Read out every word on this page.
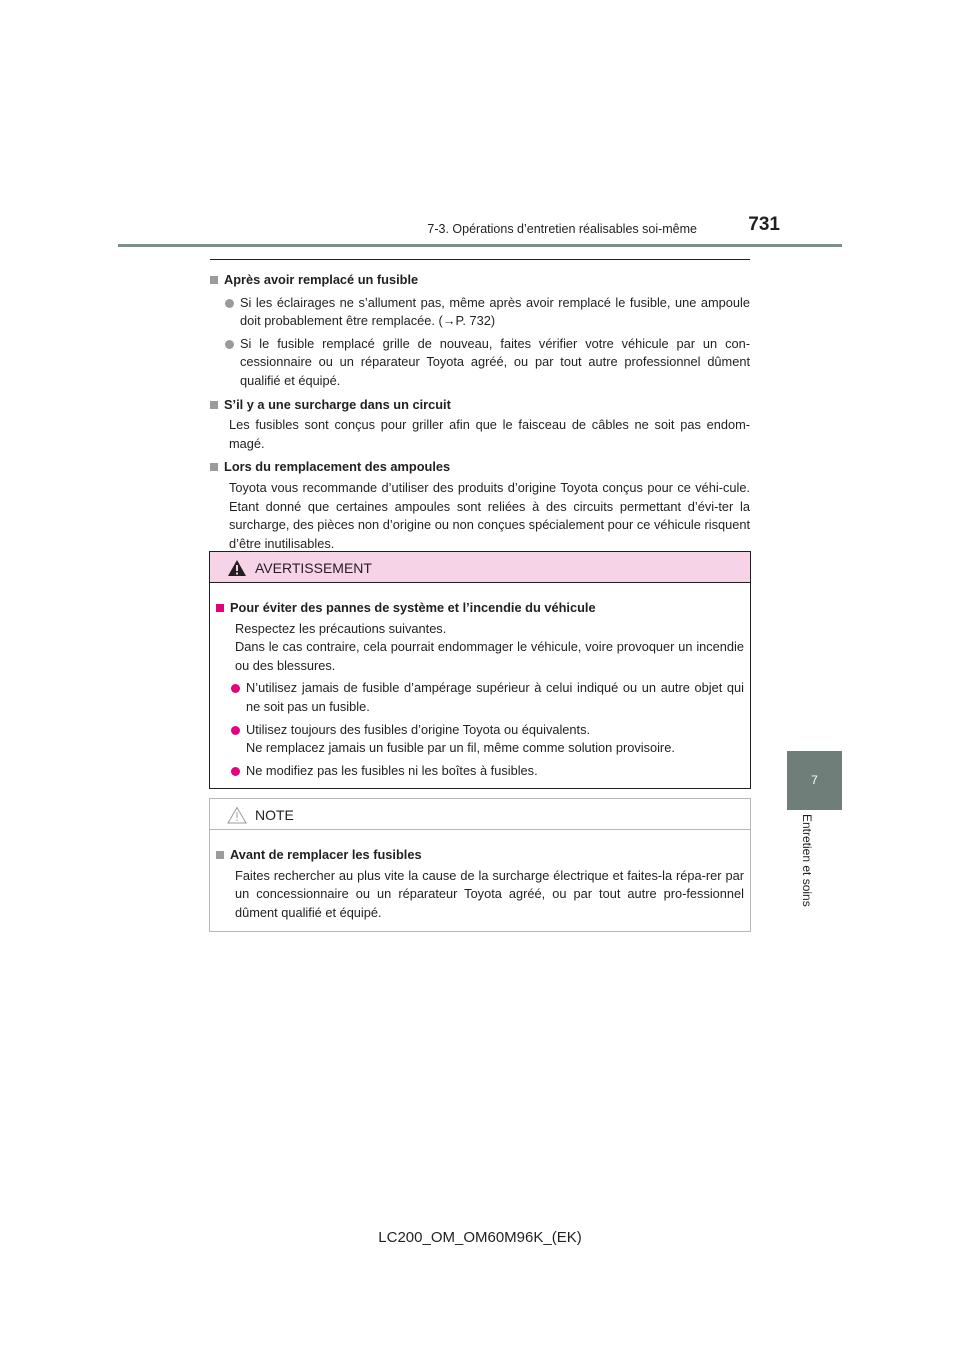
7-3. Opérations d’entretien réalisables soi-même	731
7
Entretien et soins
Après avoir remplacé un fusible
Si les éclairages ne s’allument pas, même après avoir remplacé le fusible, une ampoule doit probablement être remplacée. (→P. 732)
Si le fusible remplacé grille de nouveau, faites vérifier votre véhicule par un con-cessionnaire ou un réparateur Toyota agréé, ou par tout autre professionnel dûment qualifié et équipé.
S’il y a une surcharge dans un circuit
Les fusibles sont conçus pour griller afin que le faisceau de câbles ne soit pas endom-magé.
Lors du remplacement des ampoules
Toyota vous recommande d’utiliser des produits d’origine Toyota conçus pour ce véhi-cule. Etant donné que certaines ampoules sont reliées à des circuits permettant d’évi-ter la surcharge, des pièces non d’origine ou non conçues spécialement pour ce véhicule risquent d’être inutilisables.
AVERTISSEMENT
Pour éviter des pannes de système et l’incendie du véhicule
Respectez les précautions suivantes.
Dans le cas contraire, cela pourrait endommager le véhicule, voire provoquer un incendie ou des blessures.
N’utilisez jamais de fusible d’ampérage supérieur à celui indiqué ou un autre objet qui ne soit pas un fusible.
Utilisez toujours des fusibles d’origine Toyota ou équivalents.
Ne remplacez jamais un fusible par un fil, même comme solution provisoire.
Ne modifiez pas les fusibles ni les boîtes à fusibles.
NOTE
Avant de remplacer les fusibles
Faites rechercher au plus vite la cause de la surcharge électrique et faites-la répa-rer par un concessionnaire ou un réparateur Toyota agréé, ou par tout autre pro-fessionnel dûment qualifié et équipé.
LC200_OM_OM60M96K_(EK)
